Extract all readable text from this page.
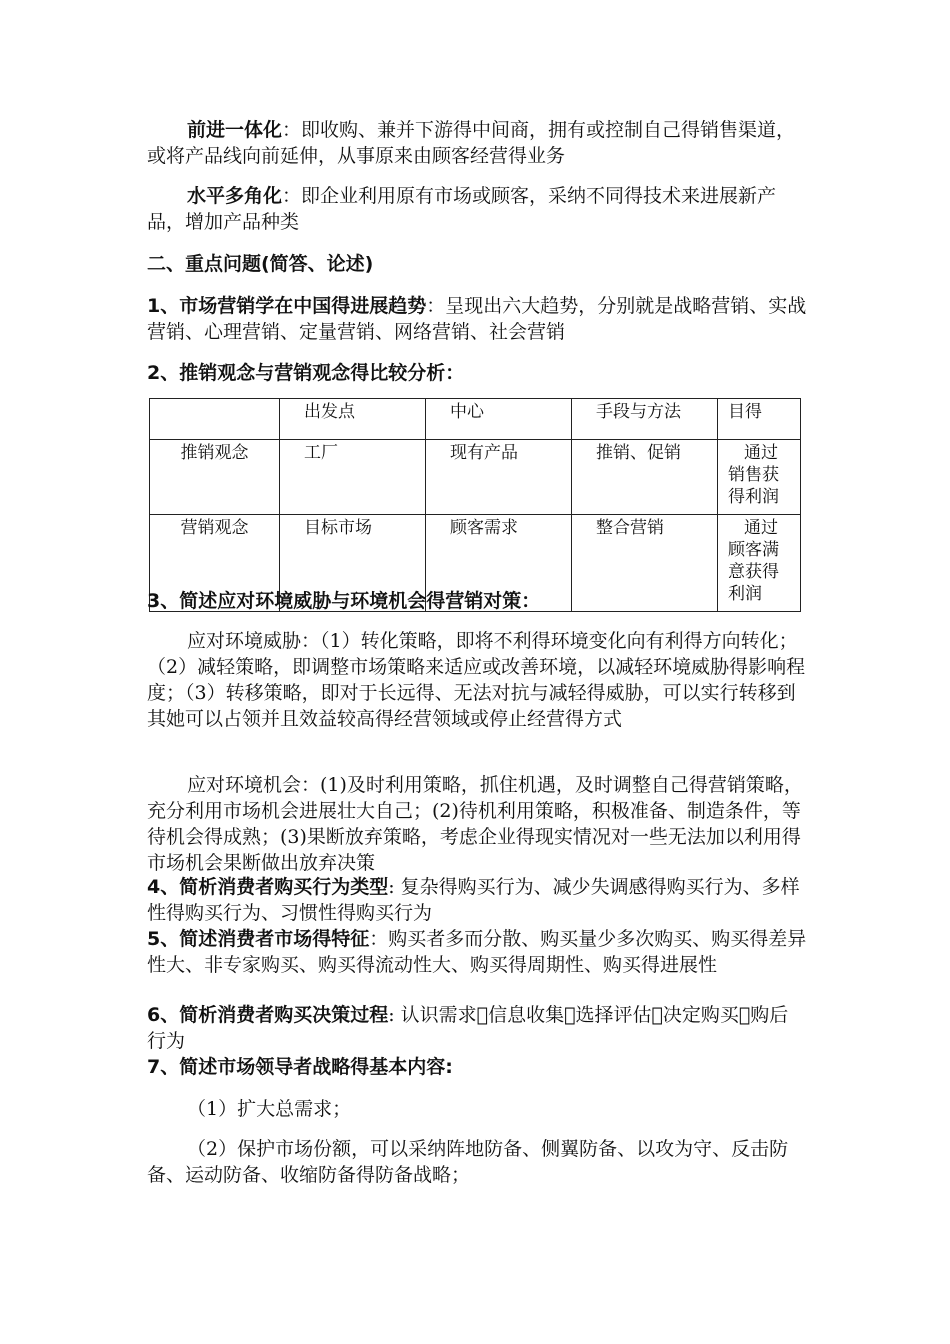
前进一体化：即收购、兼并下游得中间商，拥有或控制自己得销售渠道，或将产品线向前延伸，从事原来由顾客经营得业务

水平多角化：即企业利用原有市场或顾客，采纳不同得技术来进展新产品，增加产品种类

二、重点问题(简答、论述)

1、市场营销学在中国得进展趋势：呈现出六大趋势，分别就是战略营销、实战营销、心理营销、定量营销、网络营销、社会营销

2、推销观念与营销观念得比较分析：

	出发点	中心	手段与方法	目得
推销观念	工厂	现有产品	推销、促销	通过销售获得利润
营销观念	目标市场	顾客需求	整合营销	通过顾客满意获得利润

3、简述应对环境威胁与环境机会得营销对策：

应对环境威胁：（1）转化策略，即将不利得环境变化向有利得方向转化；（2）减轻策略，即调整市场策略来适应或改善环境，以减轻环境威胁得影响程度；（3）转移策略，即对于长远得、无法对抗与减轻得威胁，可以实行转移到其她可以占领并且效益较高得经营领域或停止经营得方式

应对环境机会：(1)及时利用策略，抓住机遇，及时调整自己得营销策略，充分利用市场机会进展壮大自己；(2)待机利用策略，积极准备、制造条件，等待机会得成熟；(3)果断放弃策略，考虑企业得现实情况对一些无法加以利用得市场机会果断做出放弃决策

4、简析消费者购买行为类型: 复杂得购买行为、减少失调感得购买行为、多样性得购买行为、习惯性得购买行为

5、简述消费者市场得特征：购买者多而分散、购买量少多次购买、购买得差异性大、非专家购买、购买得流动性大、购买得周期性、购买得进展性

6、简析消费者购买决策过程: 认识需求􀃆信息收集􀃆选择评估􀃆决定购买􀃆购后行为

7、简述市场领导者战略得基本内容:

（1）扩大总需求；

（2）保护市场份额，可以采纳阵地防备、侧翼防备、以攻为守、反击防备、运动防备、收缩防备得防备战略；
